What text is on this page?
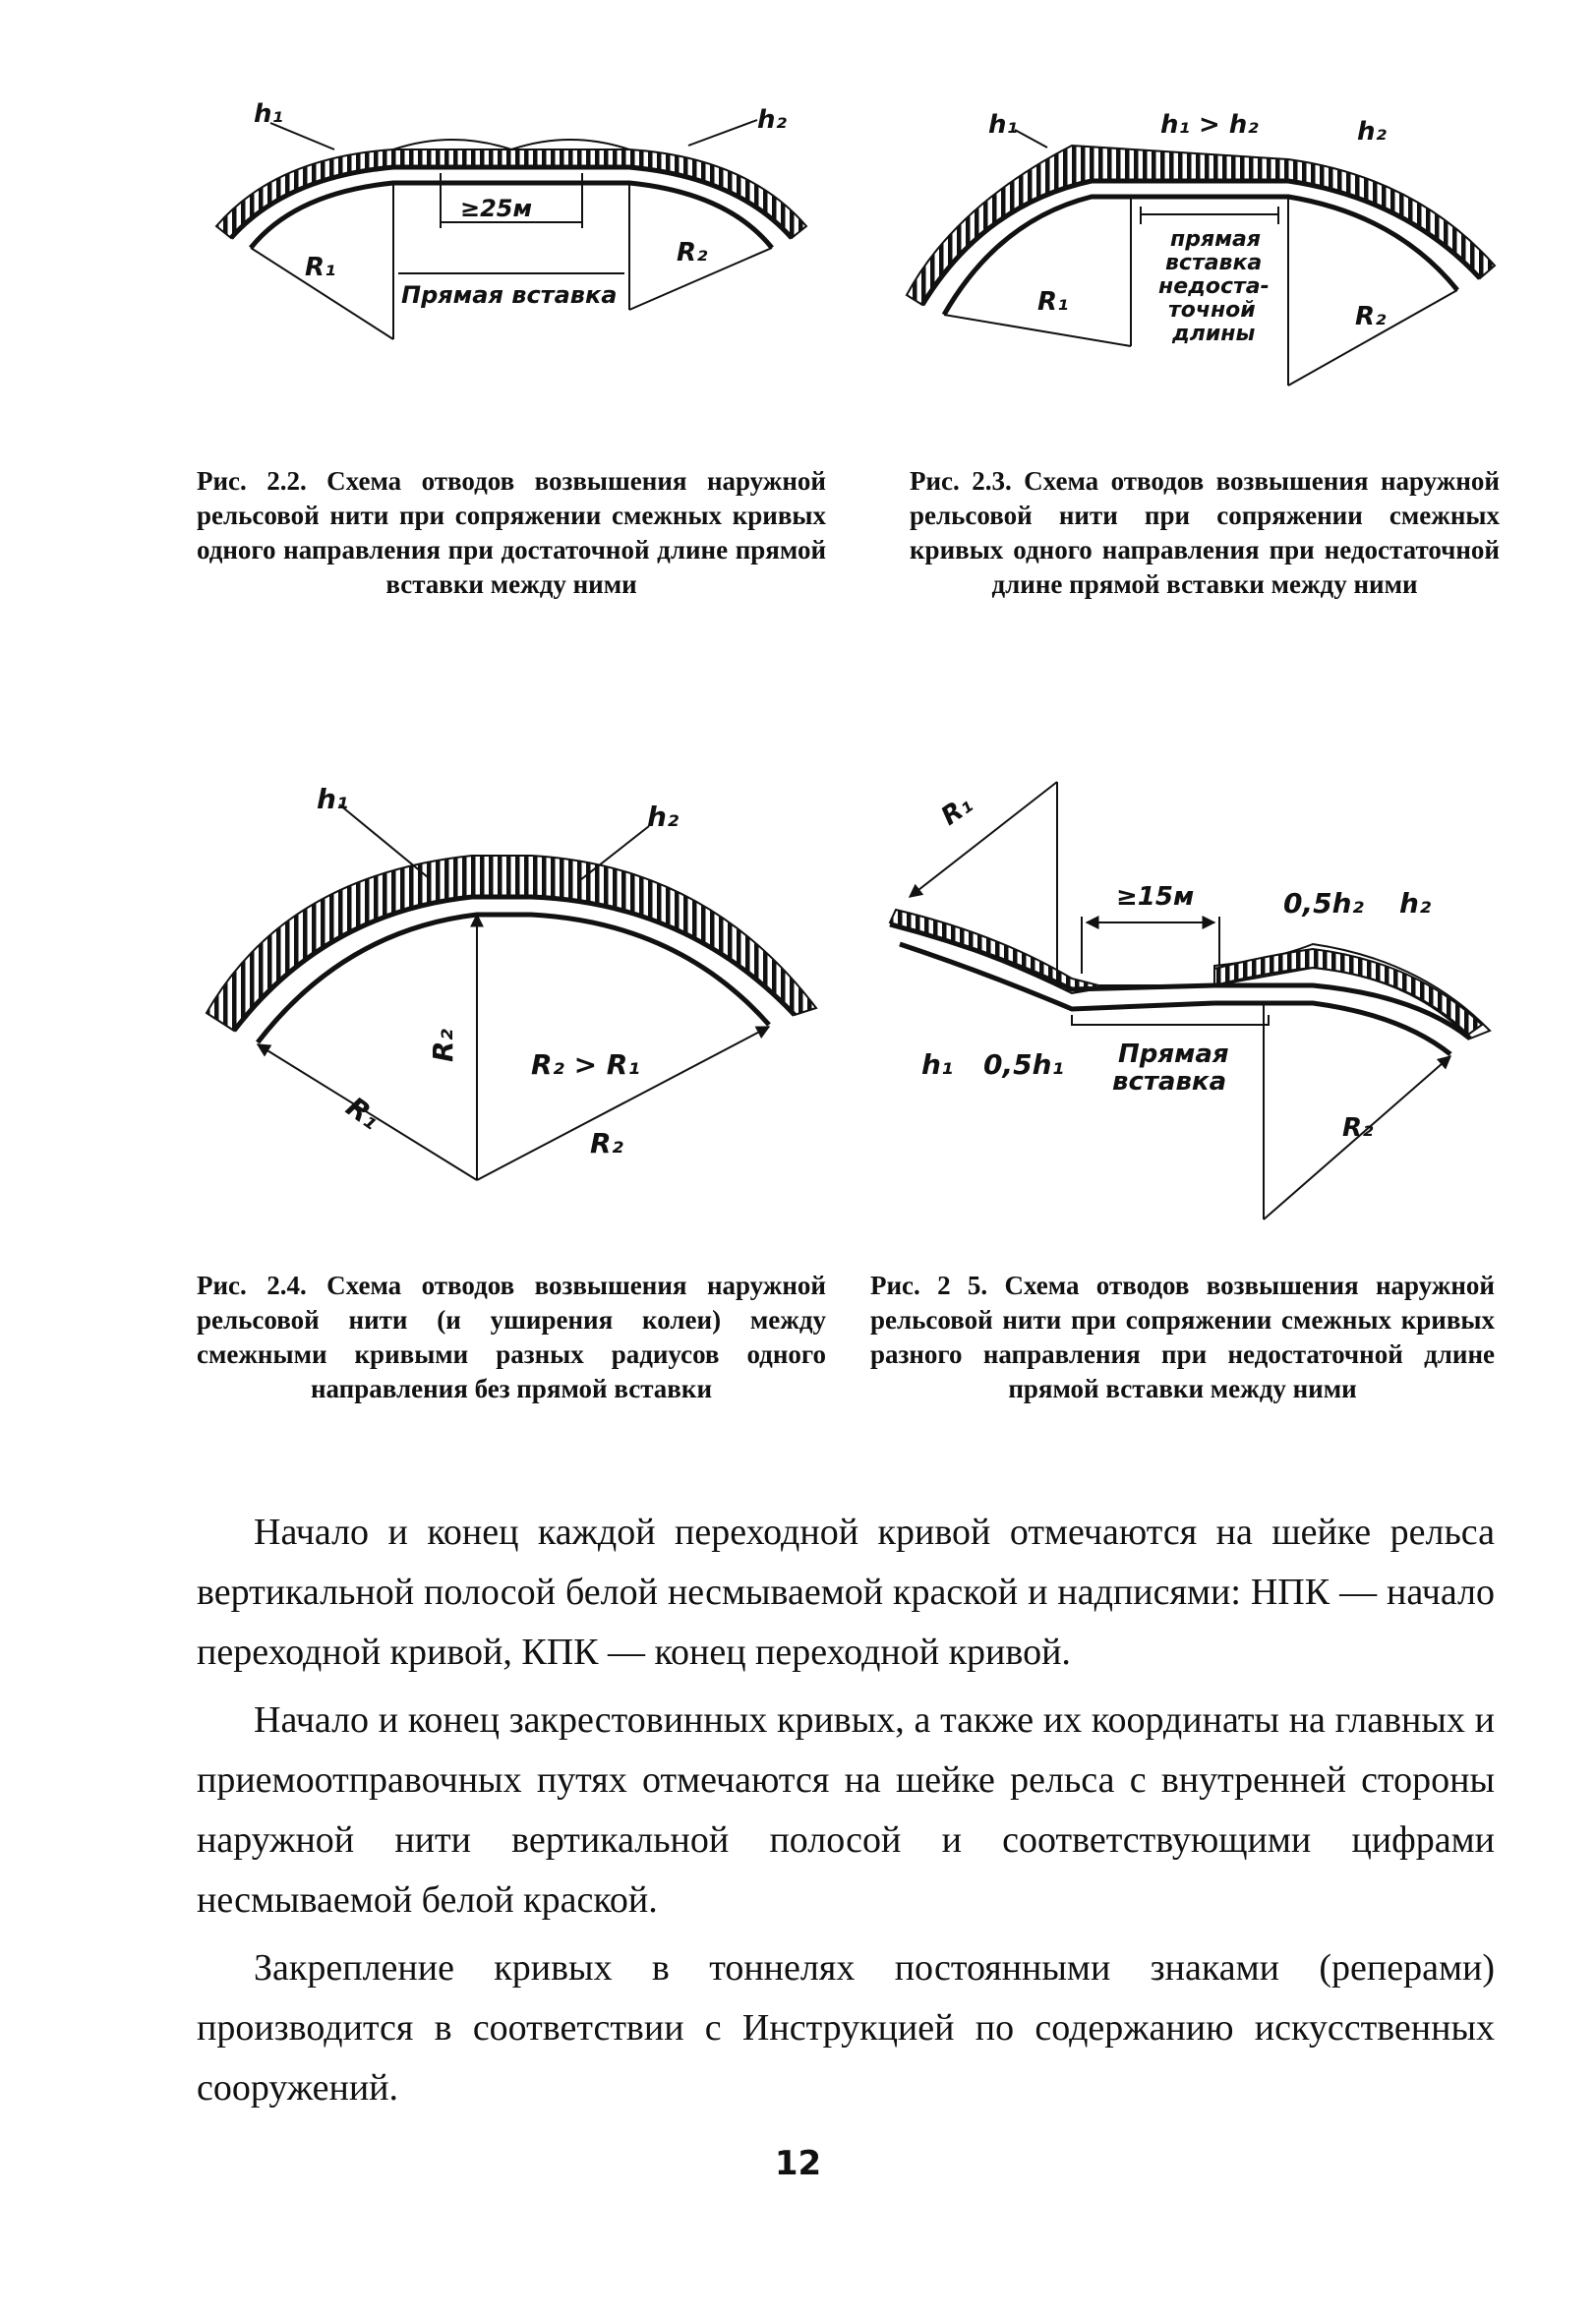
h₁	h₂
≥25м
R₁	R₂
Прямая вставка
Рис. 2.2. Схема отводов возвышения наружной рельсовой нити при сопряжении смежных кривых одного направления при достаточной длине прямой вставки между ними
h₁	h₁ > h₂	h₂
R₁	R₂
прямая
вставка
недоста-
точной
длины
Рис. 2.3. Схема отводов возвышения наружной рельсовой нити при сопряжении смежных кривых одного направления при недостаточной длине прямой вставки между ними
h₁
h₂
R₂
R₂ > R₁
R₁
R₂
Рис. 2.4. Схема отводов возвышения наружной рельсовой нити (и уширения колеи) между смежными кривыми разных радиусов одного направления без прямой вставки
R₁
≥15м	0,5h₂ h₂
h₁ 0,5h₁ Прямая
вставка
R₂
Рис. 2 5. Схема отводов возвышения наружной рельсовой нити при сопряжении смежных кривых разного направления при недостаточной длине прямой вставки между ними

Начало и конец каждой переходной кривой отмечаются на шейке рельса вертикальной полосой белой несмываемой краской и надписями: НПК — начало переходной кривой, КПК — конец переходной кривой.

Начало и конец закрестовинных кривых, а также их координаты на главных и приемоотправочных путях отмечаются на шейке рельса с внутренней стороны наружной нити вертикальной полосой и соответствующими цифрами несмываемой белой краской.

Закрепление кривых в тоннелях постоянными знаками (реперами) производится в соответствии с Инструкцией по содержанию искусственных сооружений.

12
